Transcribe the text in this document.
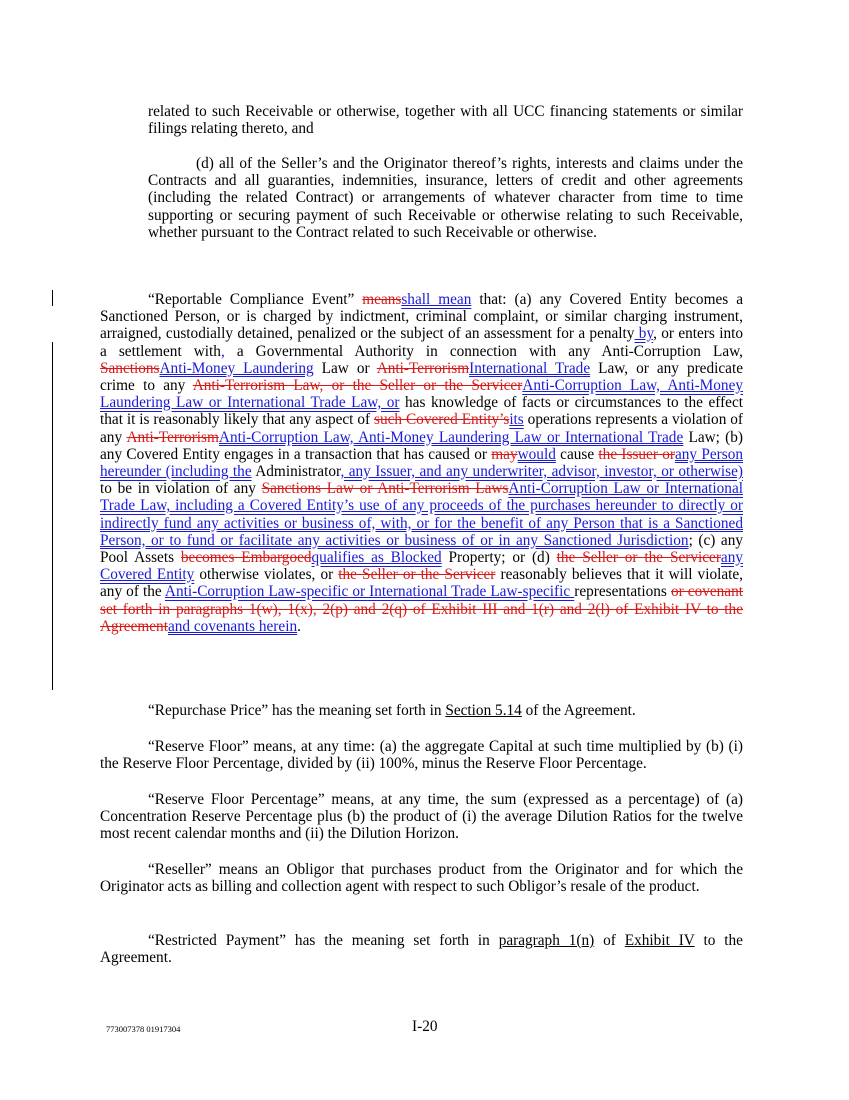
related to such Receivable or otherwise, together with all UCC financing statements or similar filings relating thereto, and

(d) all of the Seller’s and the Originator thereof’s rights, interests and claims under the Contracts and all guaranties, indemnities, insurance, letters of credit and other agreements (including the related Contract) or arrangements of whatever character from time to time supporting or securing payment of such Receivable or otherwise relating to such Receivable, whether pursuant to the Contract related to such Receivable or otherwise.

“Reportable Compliance Event” meansshall mean that: (a) any Covered Entity becomes a Sanctioned Person, or is charged by indictment, criminal complaint, or similar charging instrument, arraigned, custodially detained, penalized or the subject of an assessment for a penalty by, or enters into a settlement with, a Governmental Authority in connection with any Anti-Corruption Law, SanctionsAnti-Money Laundering Law or Anti-TerrorismInternational Trade Law, or any predicate crime to any Anti-Terrorism Law, or the Seller or the ServicerAnti-Corruption Law, Anti-Money Laundering Law or International Trade Law, or has knowledge of facts or circumstances to the effect that it is reasonably likely that any aspect of such Covered Entity’sits operations represents a violation of any Anti-TerrorismAnti-Corruption Law, Anti-Money Laundering Law or International Trade Law; (b) any Covered Entity engages in a transaction that has caused or maywould cause the Issuer orany Person hereunder (including the Administrator, any Issuer, and any underwriter, advisor, investor, or otherwise) to be in violation of any Sanctions Law or Anti-Terrorism LawsAnti-Corruption Law or International Trade Law, including a Covered Entity’s use of any proceeds of the purchases hereunder to directly or indirectly fund any activities or business of, with, or for the benefit of any Person that is a Sanctioned Person, or to fund or facilitate any activities or business of or in any Sanctioned Jurisdiction; (c) any Pool Assets becomes Embargoedqualifies as Blocked Property; or (d) the Seller or the Servicerany Covered Entity otherwise violates, or the Seller or the Servicer reasonably believes that it will violate, any of the Anti-Corruption Law-specific or International Trade Law-specific representations or covenant set forth in paragraphs 1(w), 1(x), 2(p) and 2(q) of Exhibit III and 1(r) and 2(l) of Exhibit IV to the Agreementand covenants herein.

“Repurchase Price” has the meaning set forth in Section 5.14 of the Agreement.

“Reserve Floor” means, at any time: (a) the aggregate Capital at such time multiplied by (b) (i) the Reserve Floor Percentage, divided by (ii) 100%, minus the Reserve Floor Percentage.

“Reserve Floor Percentage” means, at any time, the sum (expressed as a percentage) of (a) Concentration Reserve Percentage plus (b) the product of (i) the average Dilution Ratios for the twelve most recent calendar months and (ii) the Dilution Horizon.

“Reseller” means an Obligor that purchases product from the Originator and for which the Originator acts as billing and collection agent with respect to such Obligor’s resale of the product.

“Restricted Payment” has the meaning set forth in paragraph 1(n) of Exhibit IV to the Agreement.

773007378 01917304	I-20
